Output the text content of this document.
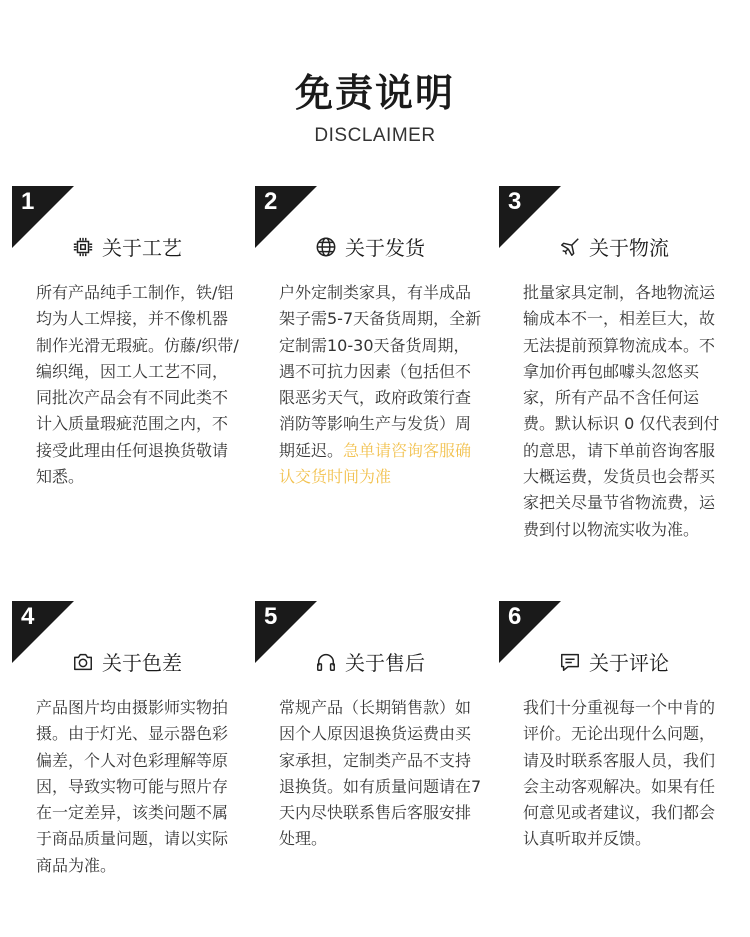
免责说明
DISCLAIMER
1
关于工艺
所有产品纯手工制作，铁/铝均为人工焊接，并不像机器制作光滑无瑕疵。仿藤/织带/编织绳，因工人工艺不同，同批次产品会有不同此类不计入质量瑕疵范围之内，不接受此理由任何退换货敬请知悉。
2
关于发货
户外定制类家具，有半成品架子需5-7天备货周期，全新定制需10-30天备货周期，遇不可抗力因素（包括但不限恶劣天气，政府政策行查消防等影响生产与发货）周期延迟。急单请咨询客服确认交货时间为准
3
关于物流
批量家具定制，各地物流运输成本不一，相差巨大，故无法提前预算物流成本。不拿加价再包邮噱头忽悠买家，所有产品不含任何运费。默认标识 0 仅代表到付的意思，请下单前咨询客服大概运费，发货员也会帮买家把关尽量节省物流费，运费到付以物流实收为准。
4
关于色差
产品图片均由摄影师实物拍摄。由于灯光、显示器色彩偏差，个人对色彩理解等原因，导致实物可能与照片存在一定差异，该类问题不属于商品质量问题，请以实际商品为准。
5
关于售后
常规产品（长期销售款）如因个人原因退换货运费由买家承担，定制类产品不支持退换货。如有质量问题请在7天内尽快联系售后客服安排处理。
6
关于评论
我们十分重视每一个中肯的评价。无论出现什么问题，请及时联系客服人员，我们会主动客观解决。如果有任何意见或者建议，我们都会认真听取并反馈。
